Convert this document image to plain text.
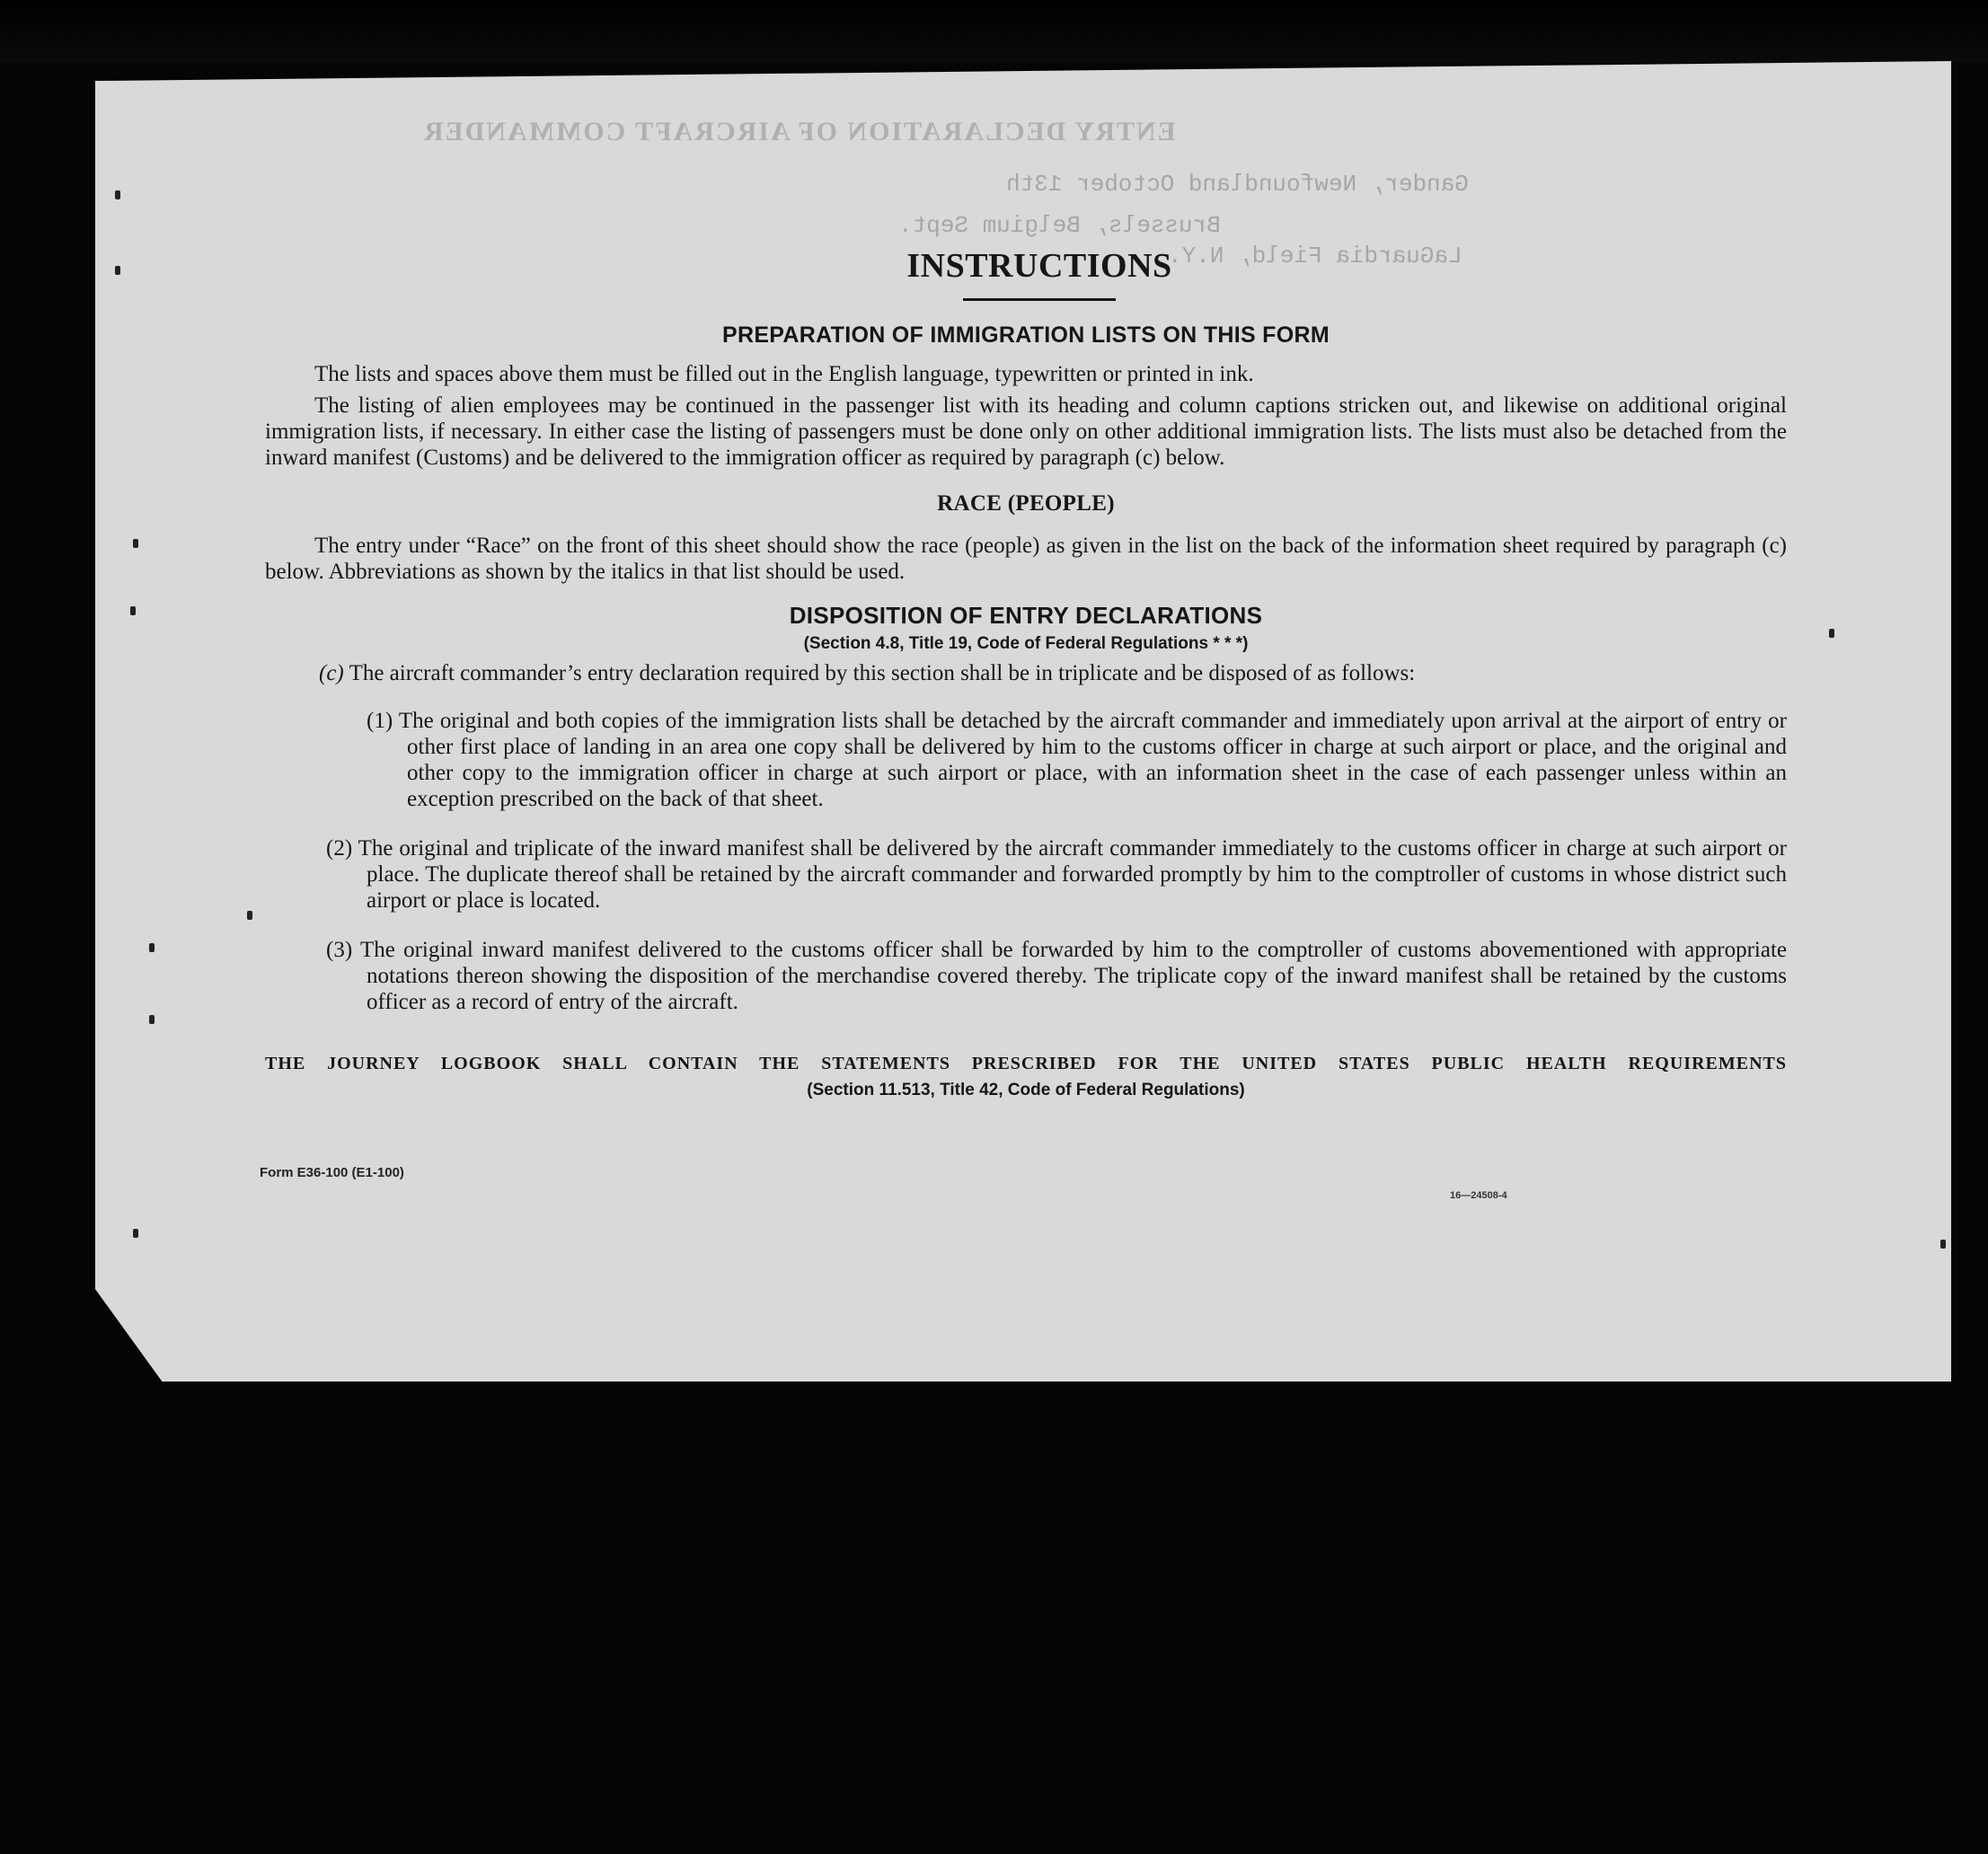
ENTRY DECLARATION OF AIRCRAFT COMMANDER
Gander, Newfoundland October 13th
Brussels, Belgium Sept.
LaGuardia Field, N.Y.
INSTRUCTIONS
PREPARATION OF IMMIGRATION LISTS ON THIS FORM

The lists and spaces above them must be filled out in the English language, typewritten or printed in ink.

The listing of alien employees may be continued in the passenger list with its heading and column captions stricken out, and likewise on additional original immigration lists, if necessary. In either case the listing of passengers must be done only on other additional immigration lists. The lists must also be detached from the inward manifest (Customs) and be delivered to the immigration officer as required by paragraph (c) below.

RACE (PEOPLE)

The entry under “Race” on the front of this sheet should show the race (people) as given in the list on the back of the information sheet required by paragraph (c) below. Abbreviations as shown by the italics in that list should be used.

DISPOSITION OF ENTRY DECLARATIONS
(Section 4.8, Title 19, Code of Federal Regulations * * *)

(c) The aircraft commander’s entry declaration required by this section shall be in triplicate and be disposed of as follows:

(1) The original and both copies of the immigration lists shall be detached by the aircraft commander and immediately upon arrival at the airport of entry or other first place of landing in an area one copy shall be delivered by him to the customs officer in charge at such airport or place, and the original and other copy to the immigration officer in charge at such airport or place, with an information sheet in the case of each passenger unless within an exception prescribed on the back of that sheet.

(2) The original and triplicate of the inward manifest shall be delivered by the aircraft commander immediately to the customs officer in charge at such airport or place. The duplicate thereof shall be retained by the aircraft commander and forwarded promptly by him to the comptroller of customs in whose district such airport or place is located.

(3) The original inward manifest delivered to the customs officer shall be forwarded by him to the comptroller of customs abovementioned with appropriate notations thereon showing the disposition of the merchandise covered thereby. The triplicate copy of the inward manifest shall be retained by the customs officer as a record of entry of the aircraft.

THE JOURNEY LOGBOOK SHALL CONTAIN THE STATEMENTS PRESCRIBED FOR THE UNITED STATES PUBLIC HEALTH REQUIREMENTS

(Section 11.513, Title 42, Code of Federal Regulations)
Form E36-100 (E1-100)
16—24508-4
